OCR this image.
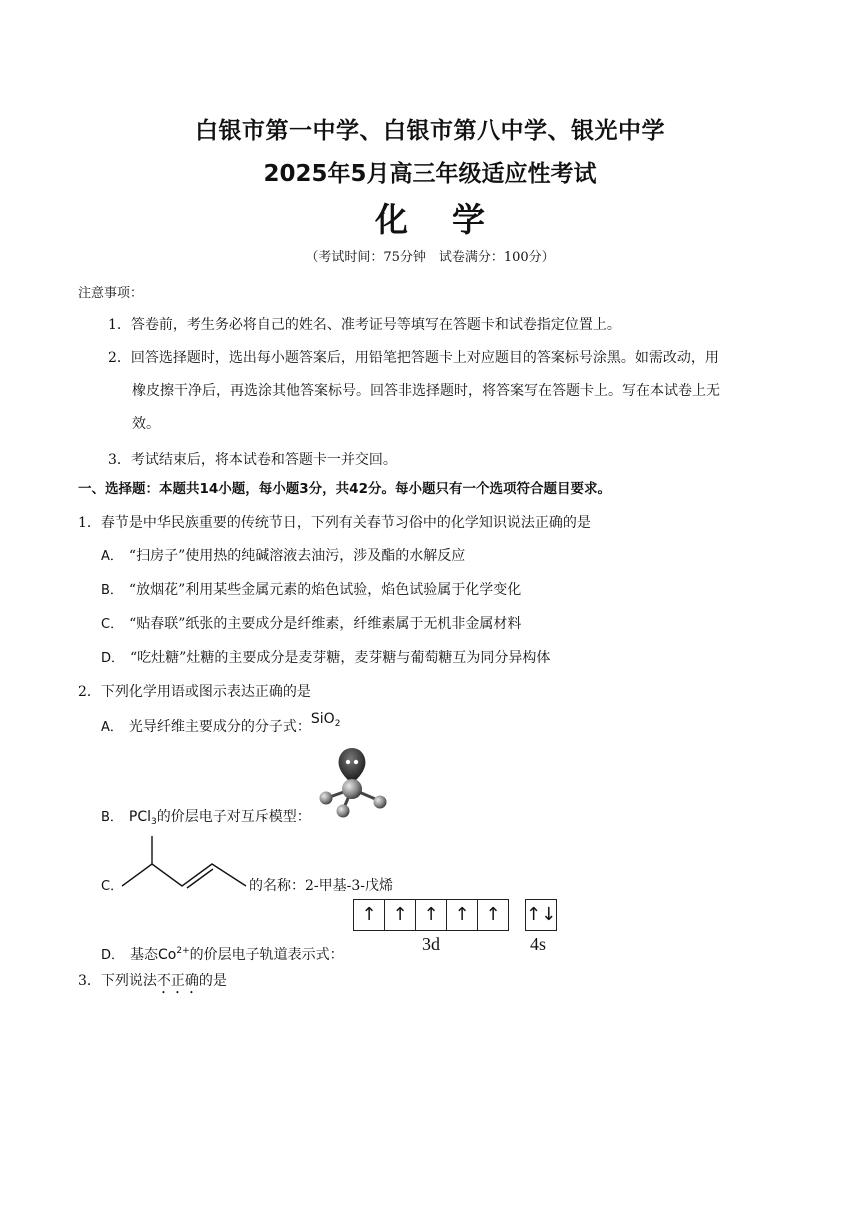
白银市第一中学、白银市第八中学、银光中学
2025年5月高三年级适应性考试
化学
（考试时间：75分钟　试卷满分：100分）
注意事项：
1．答卷前，考生务必将自己的姓名、准考证号等填写在答题卡和试卷指定位置上。
2．回答选择题时，选出每小题答案后，用铅笔把答题卡上对应题目的答案标号涂黑。如需改动，用
橡皮擦干净后，再选涂其他答案标号。回答非选择题时，将答案写在答题卡上。写在本试卷上无
效。
3．考试结束后，将本试卷和答题卡一并交回。
一、选择题：本题共14小题，每小题3分，共42分。每小题只有一个选项符合题目要求。
1．春节是中华民族重要的传统节日，下列有关春节习俗中的化学知识说法正确的是
A． “扫房子”使用热的纯碱溶液去油污，涉及酯的水解反应
B． “放烟花”利用某些金属元素的焰色试验，焰色试验属于化学变化
C． “贴春联”纸张的主要成分是纤维素，纤维素属于无机非金属材料
D． “吃灶糖”灶糖的主要成分是麦芽糖，麦芽糖与葡萄糖互为同分异构体
2．下列化学用语或图示表达正确的是
A． 光导纤维主要成分的分子式：SiO$_2$
B． PCl$_3$的价层电子对互斥模型：
C．	的名称：2-甲基-3-戊烯
↑ ↑ ↑ ↑ ↑	↑↓
3d	4s
D． 基态$Co^{2+}$的价层电子轨道表示式：
3．下列说法不正确的是
